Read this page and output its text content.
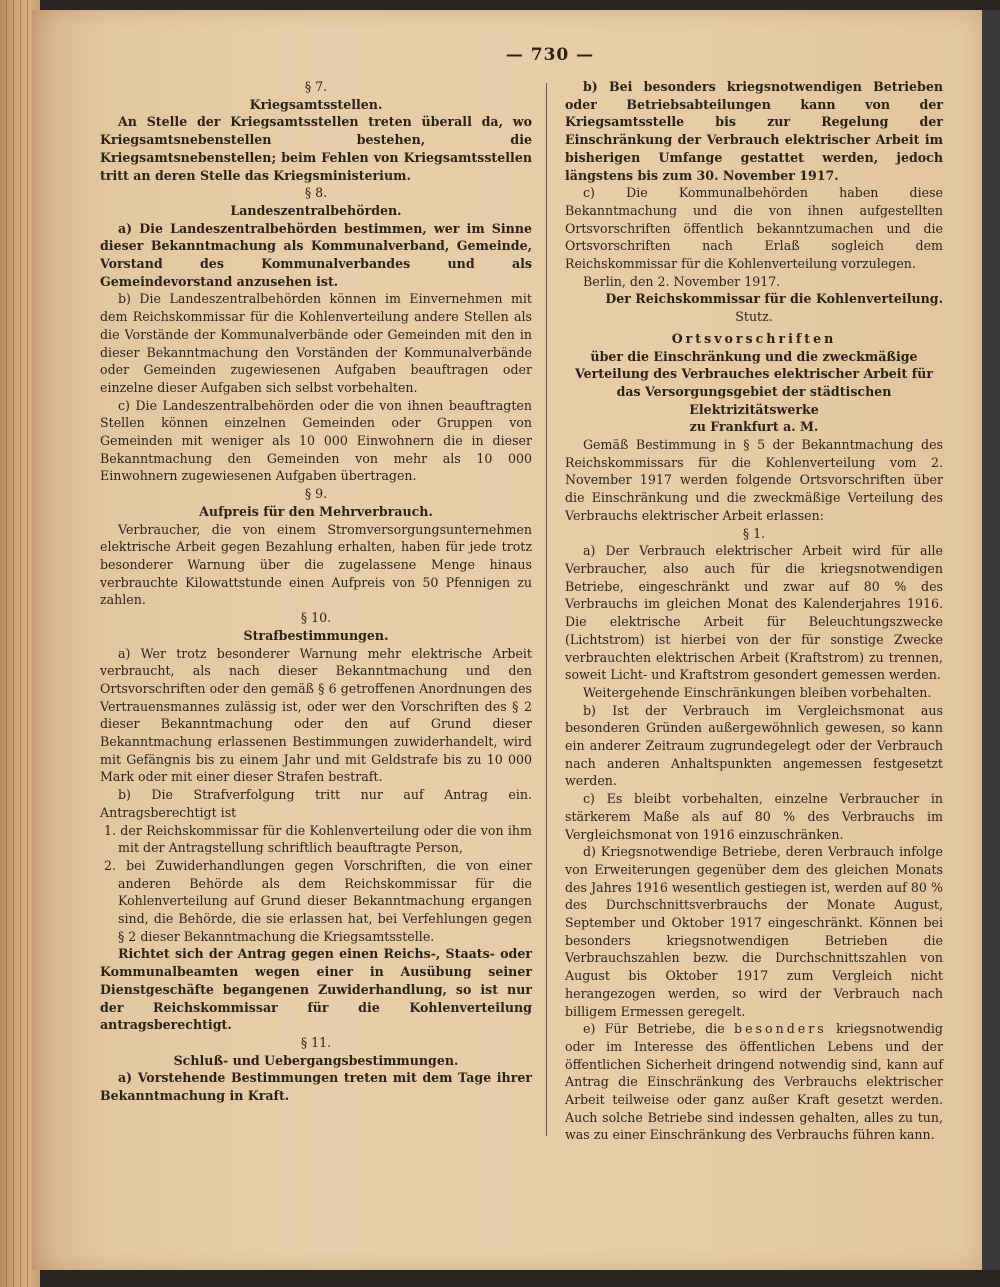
— 730 —

§ 7.

Kriegsamtsstellen.

An Stelle der Kriegsamtsstellen treten überall da, wo Kriegsamtsnebenstellen bestehen, die Kriegsamtsnebenstellen; beim Fehlen von Kriegsamtsstellen tritt an deren Stelle das Kriegsministerium.

§ 8.

Landeszentralbehörden.

a) Die Landeszentralbehörden bestimmen, wer im Sinne dieser Bekanntmachung als Kommunalverband, Gemeinde, Vorstand des Kommunalverbandes und als Gemeindevorstand anzusehen ist.

b) Die Landeszentralbehörden können im Einvernehmen mit dem Reichskommissar für die Kohlenverteilung andere Stellen als die Vorstände der Kommunalverbände oder Gemeinden mit den in dieser Bekanntmachung den Vorständen der Kommunalverbände oder Gemeinden zugewiesenen Aufgaben beauftragen oder einzelne dieser Aufgaben sich selbst vorbehalten.

c) Die Landeszentralbehörden oder die von ihnen beauftragten Stellen können einzelnen Gemeinden oder Gruppen von Gemeinden mit weniger als 10 000 Einwohnern die in dieser Bekanntmachung den Gemeinden von mehr als 10 000 Einwohnern zugewiesenen Aufgaben übertragen.

§ 9.

Aufpreis für den Mehrverbrauch.

Verbraucher, die von einem Stromversorgungsunternehmen elektrische Arbeit gegen Bezahlung erhalten, haben für jede trotz besonderer Warnung über die zugelassene Menge hinaus verbrauchte Kilowattstunde einen Aufpreis von 50 Pfennigen zu zahlen.

§ 10.

Strafbestimmungen.

a) Wer trotz besonderer Warnung mehr elektrische Arbeit verbraucht, als nach dieser Bekanntmachung und den Ortsvorschriften oder den gemäß § 6 getroffenen Anordnungen des Vertrauensmannes zulässig ist, oder wer den Vorschriften des § 2 dieser Bekanntmachung oder den auf Grund dieser Bekanntmachung erlassenen Bestimmungen zuwiderhandelt, wird mit Gefängnis bis zu einem Jahr und mit Geldstrafe bis zu 10 000 Mark oder mit einer dieser Strafen bestraft.

b) Die Strafverfolgung tritt nur auf Antrag ein. Antragsberechtigt ist

1. der Reichskommissar für die Kohlenverteilung oder die von ihm mit der Antragstellung schriftlich beauftragte Person,

2. bei Zuwiderhandlungen gegen Vorschriften, die von einer anderen Behörde als dem Reichskommissar für die Kohlenverteilung auf Grund dieser Bekanntmachung ergangen sind, die Behörde, die sie erlassen hat, bei Verfehlungen gegen § 2 dieser Bekanntmachung die Kriegsamtsstelle.

Richtet sich der Antrag gegen einen Reichs-, Staats- oder Kommunalbeamten wegen einer in Ausübung seiner Dienstgeschäfte begangenen Zuwiderhandlung, so ist nur der Reichskommissar für die Kohlenverteilung antragsberechtigt.

§ 11.

Schluß- und Uebergangsbestimmungen.

a) Vorstehende Bestimmungen treten mit dem Tage ihrer Bekanntmachung in Kraft.

b) Bei besonders kriegsnotwendigen Betrieben oder Betriebsabteilungen kann von der Kriegsamtsstelle bis zur Regelung der Einschränkung der Verbrauch elektrischer Arbeit im bisherigen Umfange gestattet werden, jedoch längstens bis zum 30. November 1917.

c) Die Kommunalbehörden haben diese Bekanntmachung und die von ihnen aufgestellten Ortsvorschriften öffentlich bekanntzumachen und die Ortsvorschriften nach Erlaß sogleich dem Reichskommissar für die Kohlenverteilung vorzulegen.

Berlin, den 2. November 1917.

Der Reichskommissar für die Kohlenverteilung.

Stutz.

Ortsvorschriften

über die Einschränkung und die zweckmäßige Verteilung des Verbrauches elektrischer Arbeit für das Versorgungsgebiet der städtischen Elektrizitätswerke

zu Frankfurt a. M.

Gemäß Bestimmung in § 5 der Bekanntmachung des Reichskommissars für die Kohlenverteilung vom 2. November 1917 werden folgende Ortsvorschriften über die Einschränkung und die zweckmäßige Verteilung des Verbrauchs elektrischer Arbeit erlassen:

§ 1.

a) Der Verbrauch elektrischer Arbeit wird für alle Verbraucher, also auch für die kriegsnotwendigen Betriebe, eingeschränkt und zwar auf 80 % des Verbrauchs im gleichen Monat des Kalenderjahres 1916. Die elektrische Arbeit für Beleuchtungszwecke (Lichtstrom) ist hierbei von der für sonstige Zwecke verbrauchten elektrischen Arbeit (Kraftstrom) zu trennen, soweit Licht- und Kraftstrom gesondert gemessen werden.

Weitergehende Einschränkungen bleiben vorbehalten.

b) Ist der Verbrauch im Vergleichsmonat aus besonderen Gründen außergewöhnlich gewesen, so kann ein anderer Zeitraum zugrundegelegt oder der Verbrauch nach anderen Anhaltspunkten angemessen festgesetzt werden.

c) Es bleibt vorbehalten, einzelne Verbraucher in stärkerem Maße als auf 80 % des Verbrauchs im Vergleichsmonat von 1916 einzuschränken.

d) Kriegsnotwendige Betriebe, deren Verbrauch infolge von Erweiterungen gegenüber dem des gleichen Monats des Jahres 1916 wesentlich gestiegen ist, werden auf 80 % des Durchschnittsverbrauchs der Monate August, September und Oktober 1917 eingeschränkt. Können bei besonders kriegsnotwendigen Betrieben die Verbrauchszahlen bezw. die Durchschnittszahlen von August bis Oktober 1917 zum Vergleich nicht herangezogen werden, so wird der Verbrauch nach billigem Ermessen geregelt.

e) Für Betriebe, die besonders kriegsnotwendig oder im Interesse des öffentlichen Lebens und der öffentlichen Sicherheit dringend notwendig sind, kann auf Antrag die Einschränkung des Verbrauchs elektrischer Arbeit teilweise oder ganz außer Kraft gesetzt werden. Auch solche Betriebe sind indessen gehalten, alles zu tun, was zu einer Einschränkung des Verbrauchs führen kann.
